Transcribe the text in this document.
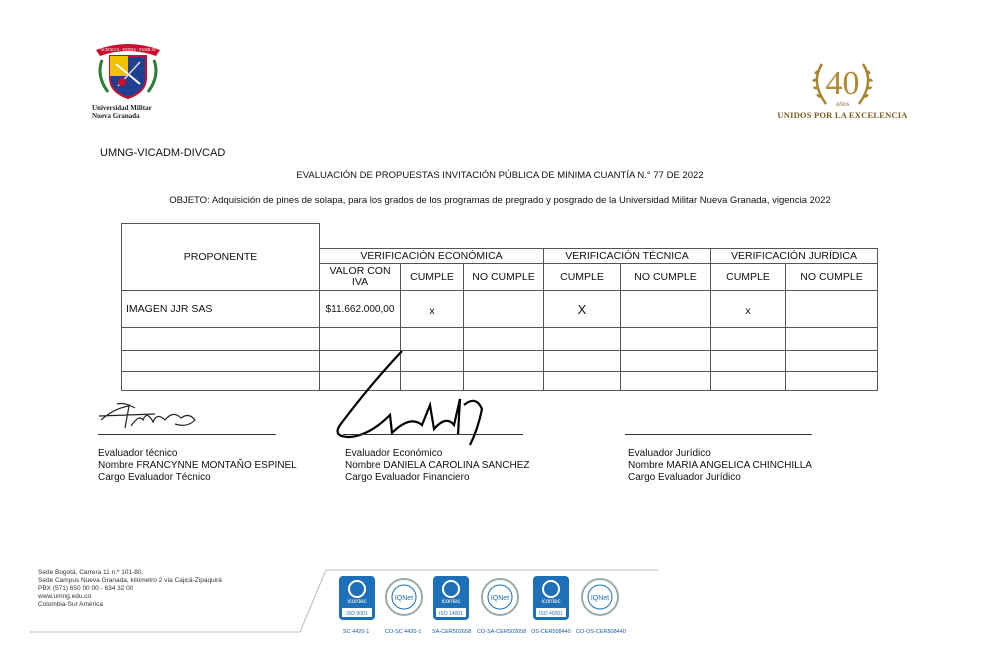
ACIENCIA · PATRIA · FAMILIA
Universidad Militar
Nueva Granada
40
AÑOS
UNIDOS POR LA EXCELENCIA
UMNG-VICADM-DIVCAD
EVALUACIÓN DE PROPUESTAS INVITACIÓN PÚBLICA DE MINIMA CUANTÍA N.° 77 DE 2022
OBJETO: Adquisición de pines de solapa, para los grados de los programas de pregrado y posgrado de la Universidad Militar Nueva Granada, vigencia 2022
PROPONENTE							
	VERIFICACIÓN ECONÓMICA			VERIFICACIÓN TÉCNICA		VERIFICACIÓN JURÍDICA	
	VALOR CON IVA	CUMPLE	NO CUMPLE	CUMPLE	NO CUMPLE	CUMPLE	NO CUMPLE
IMAGEN JJR SAS	$11.662.000,00	x		X		x	

Evaluador técnico
Nombre FRANCYNNE MONTAÑO ESPINEL
Cargo Evaluador Técnico
Evaluador Económico
Nombre DANIELA CAROLINA SANCHEZ
Cargo Evaluador Financiero
Evaluador Jurídico
Nombre MARIA ANGELICA CHINCHILLA
Cargo Evaluador Jurídico
Sede Bogotá, Carrera 11 n.º 101-80,
Sede Campus Nueva Granada, kilómetro 2 vía Cajicá-Zipaquirá
PBX (571) 650 00 00 - 634 32 00
www.umng.edu.co
Colombia-Sur América	icontec
ISO 9001
IQNet	icontec
ISO 14001
IQNet	icontec
ISO 45001
IQNet
SC 4420-1	CO-SC 4420-1 SA-CER502658 CO-SA-CER502658 OS-CER508440 CO-OS-CER508440
